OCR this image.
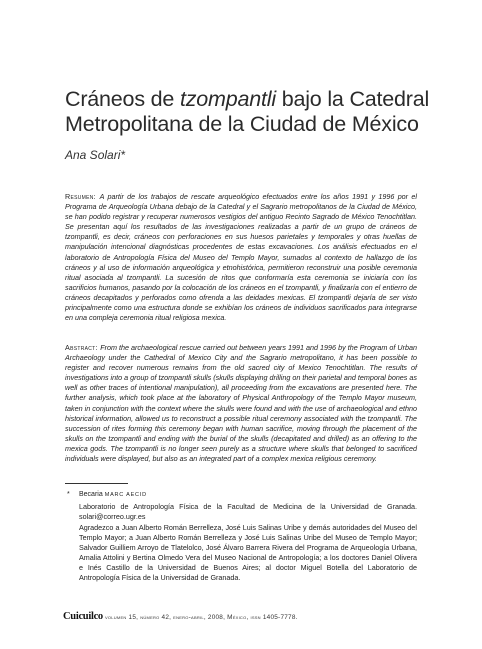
Cráneos de tzompantli bajo la Catedral Metropolitana de la Ciudad de México
Ana Solari*

Resumen: A partir de los trabajos de rescate arqueológico efectuados entre los años 1991 y 1996 por el Programa de Arqueología Urbana debajo de la Catedral y el Sagrario metropolitanos de la Ciudad de México, se han podido registrar y recuperar numerosos vestigios del antiguo Recinto Sagrado de México Tenochtitlan. Se presentan aquí los resultados de las investigaciones realizadas a partir de un grupo de cráneos de tzompantli, es decir, cráneos con perforaciones en sus huesos parietales y temporales y otras huellas de manipulación intencional diagnósticas procedentes de estas excavaciones. Los análisis efectuados en el laboratorio de Antropología Física del Museo del Templo Mayor, sumados al contexto de hallazgo de los cráneos y al uso de información arqueológica y etnohistórica, permitieron reconstruir una posible ceremonia ritual asociada al tzompantli. La sucesión de ritos que conformaría esta ceremonia se iniciaría con los sacrificios humanos, pasando por la colocación de los cráneos en el tzompantli, y finalizaría con el entierro de cráneos decapitados y perforados como ofrenda a las deidades mexicas. El tzompantli dejaría de ser visto principalmente como una estructura donde se exhibían los cráneos de individuos sacrificados para integrarse en una compleja ceremonia ritual religiosa mexica.

Abstract: From the archaeological rescue carried out between years 1991 and 1996 by the Program of Urban Archaeology under the Cathedral of Mexico City and the Sagrario metropolitano, it has been possible to register and recover numerous remains from the old sacred city of Mexico Tenochtitlan. The results of investigations into a group of tzompantli skulls (skulls displaying drilling on their parietal and temporal bones as well as other traces of intentional manipulation), all proceeding from the excavations are presented here. The further analysis, which took place at the laboratory of Physical Anthropology of the Templo Mayor museum, taken in conjunction with the context where the skulls were found and with the use of archaeological and ethno historical information, allowed us to reconstruct a possible ritual ceremony associated with the tzompantli. The succession of rites forming this ceremony began with human sacrifice, moving through the placement of the skulls on the tzompantli and ending with the burial of the skulls (decapitated and drilled) as an offering to the mexica gods. The tzompantli is no longer seen purely as a structure where skulls that belonged to sacrificed individuals were displayed, but also as an integrated part of a complex mexica religious ceremony.

* Becaria MARC AECID

Laboratorio de Antropología Física de la Facultad de Medicina de la Universidad de Granada. solari@correo.ugr.es

Agradezco a Juan Alberto Román Berrelleza, José Luis Salinas Uribe y demás autoridades del Museo del Templo Mayor; a Juan Alberto Román Berrelleza y José Luis Salinas Uribe del Museo de Templo Mayor; Salvador Guilliem Arroyo de Tlatelolco, José Álvaro Barrera Rivera del Programa de Arqueología Urbana, Amalia Attolini y Bertina Olmedo Vera del Museo Nacional de Antropología; a los doctores Daniel Olivera e Inés Castillo de la Universidad de Buenos Aires; al doctor Miguel Botella del Laboratorio de Antropología Física de la Universidad de Granada.

Cuicuilco volumen 15, número 42, enero-abril, 2008, México, issn 1405-7778.
